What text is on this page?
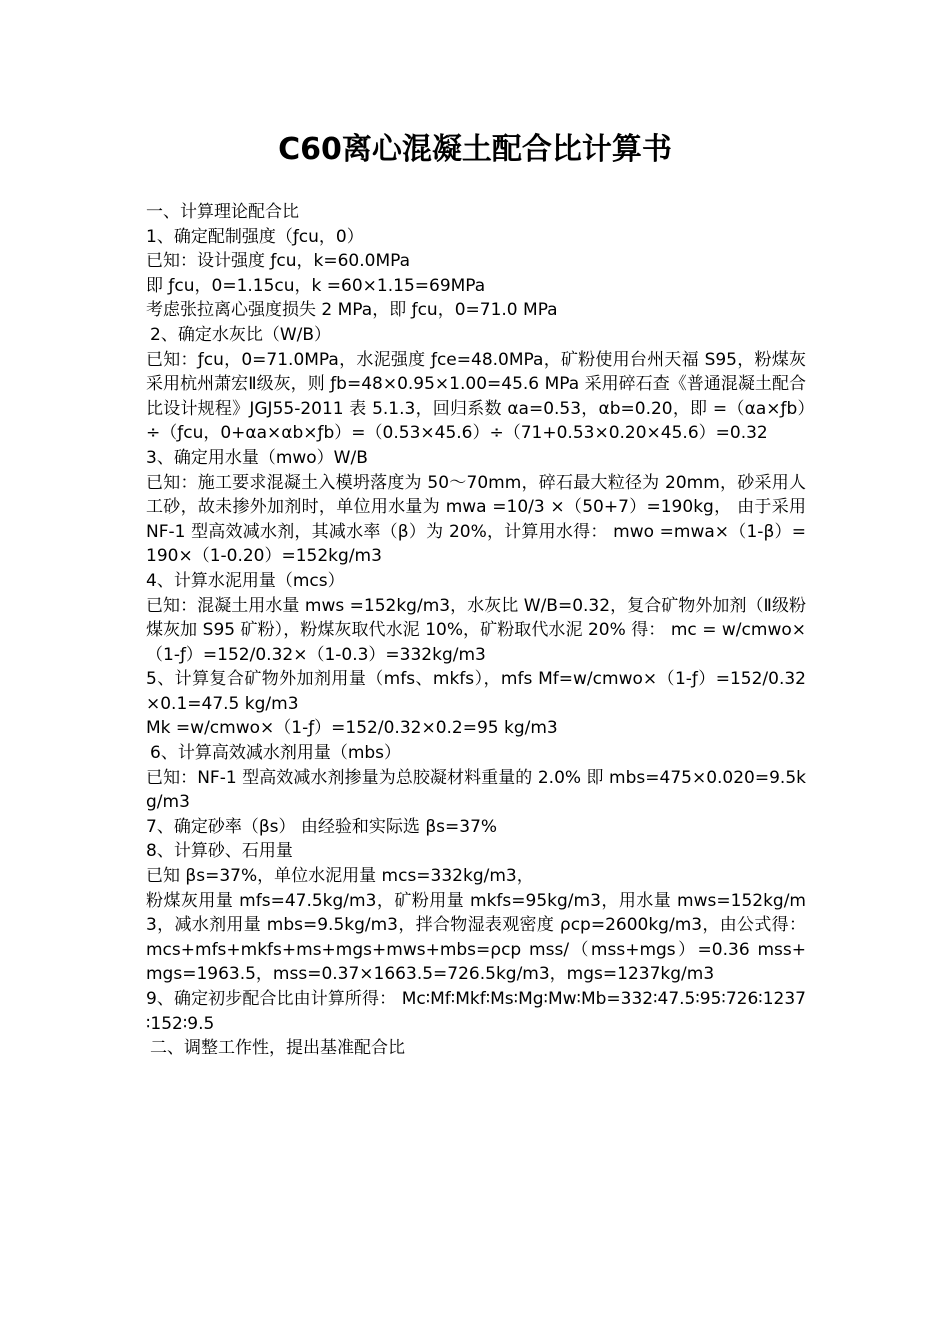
C60离心混凝土配合比计算书

一、计算理论配合比

1、确定配制强度（ƒcu，0）

已知：设计强度 ƒcu，k=60.0MPa

即 ƒcu，0=1.15cu，k =60×1.15=69MPa

考虑张拉离心强度损失 2 MPa，即 ƒcu，0=71.0 MPa

2、确定水灰比（W/B）

已知：ƒcu，0=71.0MPa，水泥强度 ƒce=48.0MPa，矿粉使用台州天福 S95，粉煤灰采用杭州萧宏Ⅱ级灰，则 ƒb=48×0.95×1.00=45.6 MPa 采用碎石查《普通混凝土配合比设计规程》JGJ55-2011 表 5.1.3，回归系数 αa=0.53，αb=0.20，即 =（αa×ƒb）÷（ƒcu，0+αa×αb×ƒb）=（0.53×45.6）÷（71+0.53×0.20×45.6）=0.32

3、确定用水量（mwo）W/B

已知：施工要求混凝土入模坍落度为 50～70mm，碎石最大粒径为 20mm，砂采用人工砂，故未掺外加剂时，单位用水量为 mwa =10/3 ×（50+7）=190kg， 由于采用 NF-1 型高效减水剂，其减水率（β）为 20%，计算用水得： mwo =mwa×（1-β）=190×（1-0.20）=152kg/m3

4、计算水泥用量（mcs）

已知：混凝土用水量 mws =152kg/m3，水灰比 W/B=0.32，复合矿物外加剂（Ⅱ级粉煤灰加 S95 矿粉），粉煤灰取代水泥 10%，矿粉取代水泥 20% 得： mc = w/cmwo×（1-ƒ）=152/0.32×（1-0.3）=332kg/m3

5、计算复合矿物外加剂用量（mfs、mkfs），mfs Mf=w/cmwo×（1-ƒ）=152/0.32×0.1=47.5 kg/m3

Mk =w/cmwo×（1-ƒ）=152/0.32×0.2=95 kg/m3

6、计算高效减水剂用量（mbs）

已知：NF-1 型高效减水剂掺量为总胶凝材料重量的 2.0% 即 mbs=475×0.020=9.5kg/m3

7、确定砂率（βs） 由经验和实际选 βs=37%

8、计算砂、石用量

已知 βs=37%，单位水泥用量 mcs=332kg/m3，

粉煤灰用量 mfs=47.5kg/m3，矿粉用量 mkfs=95kg/m3，用水量 mws=152kg/m3，减水剂用量 mbs=9.5kg/m3，拌合物湿表观密度 ρcp=2600kg/m3，由公式得： mcs+mfs+mkfs+ms+mgs+mws+mbs=ρcp mss/（mss+mgs）=0.36 mss+mgs=1963.5，mss=0.37×1663.5=726.5kg/m3，mgs=1237kg/m3

9、确定初步配合比由计算所得： Mc∶Mf∶Mkf∶Ms∶Mg∶Mw∶Mb=332∶47.5∶95∶726∶1237∶152∶9.5

二、调整工作性，提出基准配合比
